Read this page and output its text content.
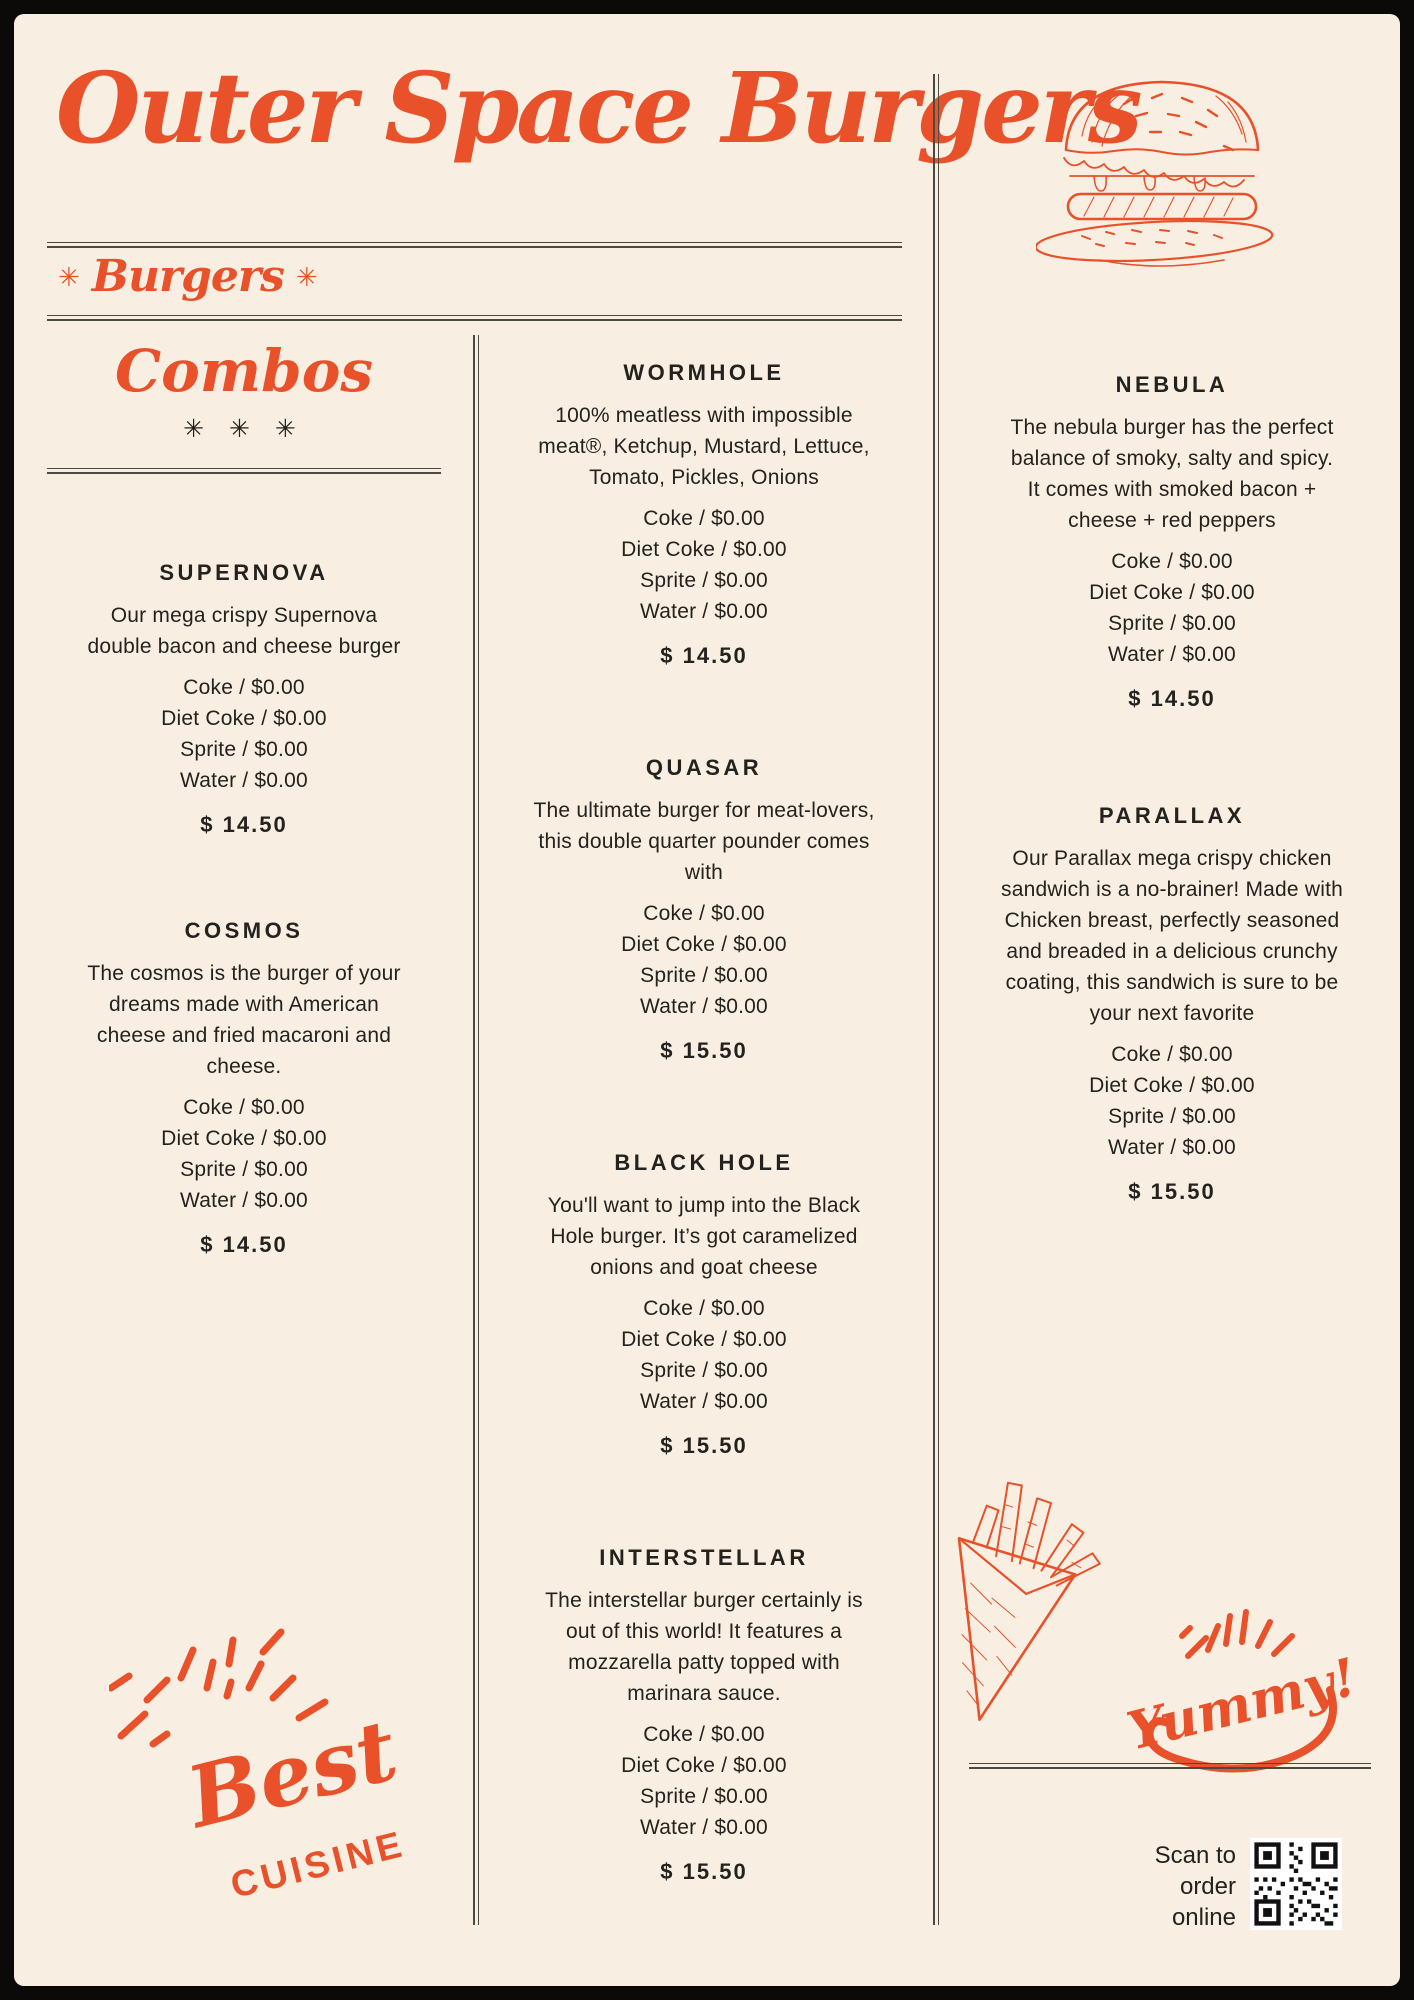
Outer Space Burgers
✳ Burgers ✳
Combos
✳ ✳ ✳
SUPERNOVA
Our mega crispy Supernova double bacon and cheese burger
Coke / $0.00
Diet Coke / $0.00
Sprite / $0.00
Water / $0.00
$ 14.50
COSMOS
The cosmos is the burger of your dreams made with American cheese and fried macaroni and cheese.
Coke / $0.00
Diet Coke / $0.00
Sprite / $0.00
Water / $0.00
$ 14.50
WORMHOLE
100% meatless with impossible meat®, Ketchup, Mustard, Lettuce, Tomato, Pickles, Onions
Coke / $0.00
Diet Coke / $0.00
Sprite / $0.00
Water / $0.00
$ 14.50
QUASAR
The ultimate burger for meat-lovers, this double quarter pounder comes with
Coke / $0.00
Diet Coke / $0.00
Sprite / $0.00
Water / $0.00
$ 15.50
BLACK HOLE
You'll want to jump into the Black Hole burger. It’s got caramelized onions and goat cheese
Coke / $0.00
Diet Coke / $0.00
Sprite / $0.00
Water / $0.00
$ 15.50
INTERSTELLAR
The interstellar burger certainly is out of this world! It features a mozzarella patty topped with marinara sauce.
Coke / $0.00
Diet Coke / $0.00
Sprite / $0.00
Water / $0.00
$ 15.50
NEBULA
The nebula burger has the perfect balance of smoky, salty and spicy. It comes with smoked bacon + cheese + red peppers
Coke / $0.00
Diet Coke / $0.00
Sprite / $0.00
Water / $0.00
$ 14.50
PARALLAX
Our Parallax mega crispy chicken sandwich is a no-brainer! Made with Chicken breast, perfectly seasoned and breaded in a delicious crunchy coating, this sandwich is sure to be your next favorite
Coke / $0.00
Diet Coke / $0.00
Sprite / $0.00
Water / $0.00
$ 15.50
Yummy!
Best
CUISINE	Scan to order online
